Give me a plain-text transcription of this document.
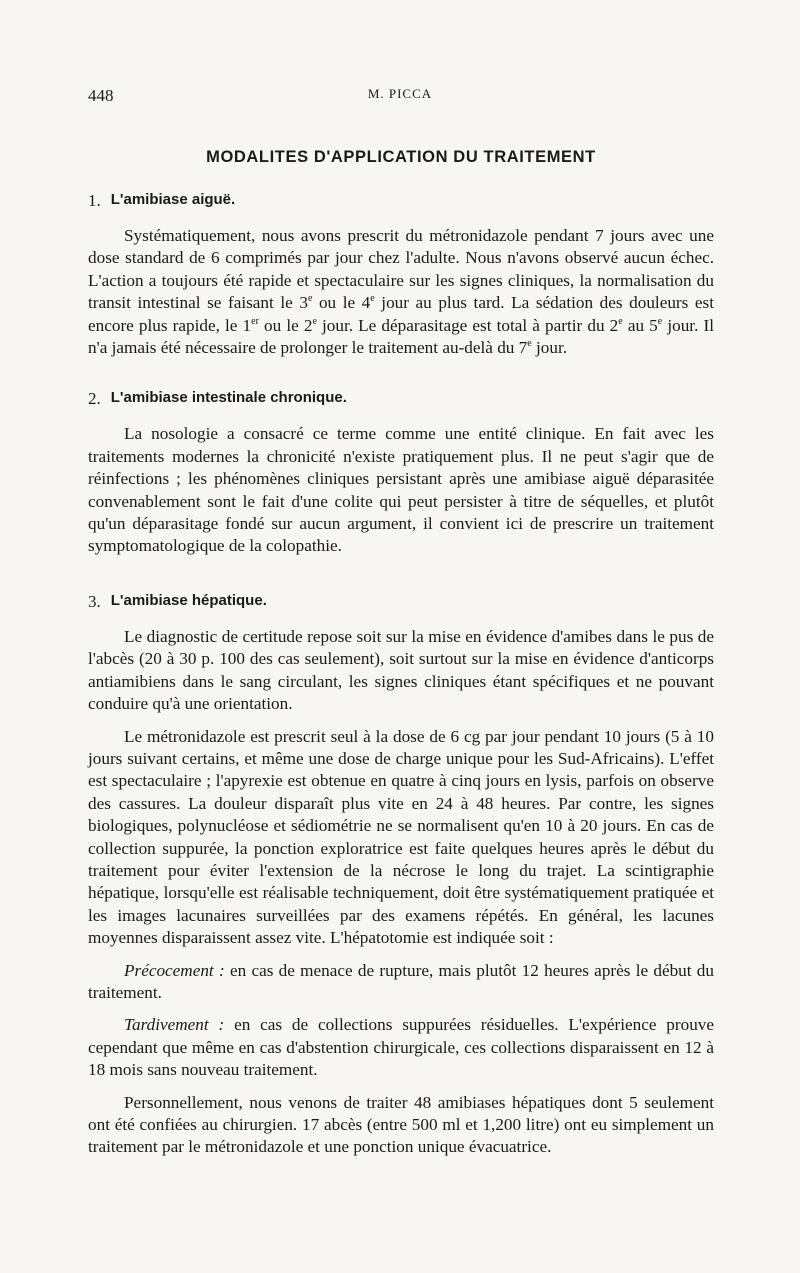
448	M. PICCA
MODALITES D'APPLICATION DU TRAITEMENT
1. L'amibiase aiguë.

Systématiquement, nous avons prescrit du métronidazole pendant 7 jours avec une dose standard de 6 comprimés par jour chez l'adulte. Nous n'avons observé aucun échec. L'action a toujours été rapide et spectaculaire sur les signes cliniques, la normalisation du transit intestinal se faisant le 3e ou le 4e jour au plus tard. La sédation des douleurs est encore plus rapide, le 1er ou le 2e jour. Le déparasitage est total à partir du 2e au 5e jour. Il n'a jamais été nécessaire de prolonger le traitement au-delà du 7e jour.

2. L'amibiase intestinale chronique.

La nosologie a consacré ce terme comme une entité clinique. En fait avec les traitements modernes la chronicité n'existe pratiquement plus. Il ne peut s'agir que de réinfections ; les phénomènes cliniques persistant après une amibiase aiguë déparasitée convenablement sont le fait d'une colite qui peut persister à titre de séquelles, et plutôt qu'un déparasitage fondé sur aucun argument, il convient ici de prescrire un traitement symptomatologique de la colopathie.

3. L'amibiase hépatique.

Le diagnostic de certitude repose soit sur la mise en évidence d'amibes dans le pus de l'abcès (20 à 30 p. 100 des cas seulement), soit surtout sur la mise en évidence d'anticorps antiamibiens dans le sang circulant, les signes cliniques étant spécifiques et ne pouvant conduire qu'à une orientation.

Le métronidazole est prescrit seul à la dose de 6 cg par jour pendant 10 jours (5 à 10 jours suivant certains, et même une dose de charge unique pour les Sud-Africains). L'effet est spectaculaire ; l'apyrexie est obtenue en quatre à cinq jours en lysis, parfois on observe des cassures. La douleur disparaît plus vite en 24 à 48 heures. Par contre, les signes biologiques, polynucléose et sédiométrie ne se normalisent qu'en 10 à 20 jours. En cas de collection suppurée, la ponction exploratrice est faite quelques heures après le début du traitement pour éviter l'extension de la nécrose le long du trajet. La scintigraphie hépatique, lorsqu'elle est réalisable techniquement, doit être systématiquement pratiquée et les images lacunaires surveillées par des examens répétés. En général, les lacunes moyennes disparaissent assez vite. L'hépatotomie est indiquée soit :

Précocement : en cas de menace de rupture, mais plutôt 12 heures après le début du traitement.

Tardivement : en cas de collections suppurées résiduelles. L'expérience prouve cependant que même en cas d'abstention chirurgicale, ces collections disparaissent en 12 à 18 mois sans nouveau traitement.

Personnellement, nous venons de traiter 48 amibiases hépatiques dont 5 seulement ont été confiées au chirurgien. 17 abcès (entre 500 ml et 1,200 litre) ont eu simplement un traitement par le métronidazole et une ponction unique évacuatrice.
